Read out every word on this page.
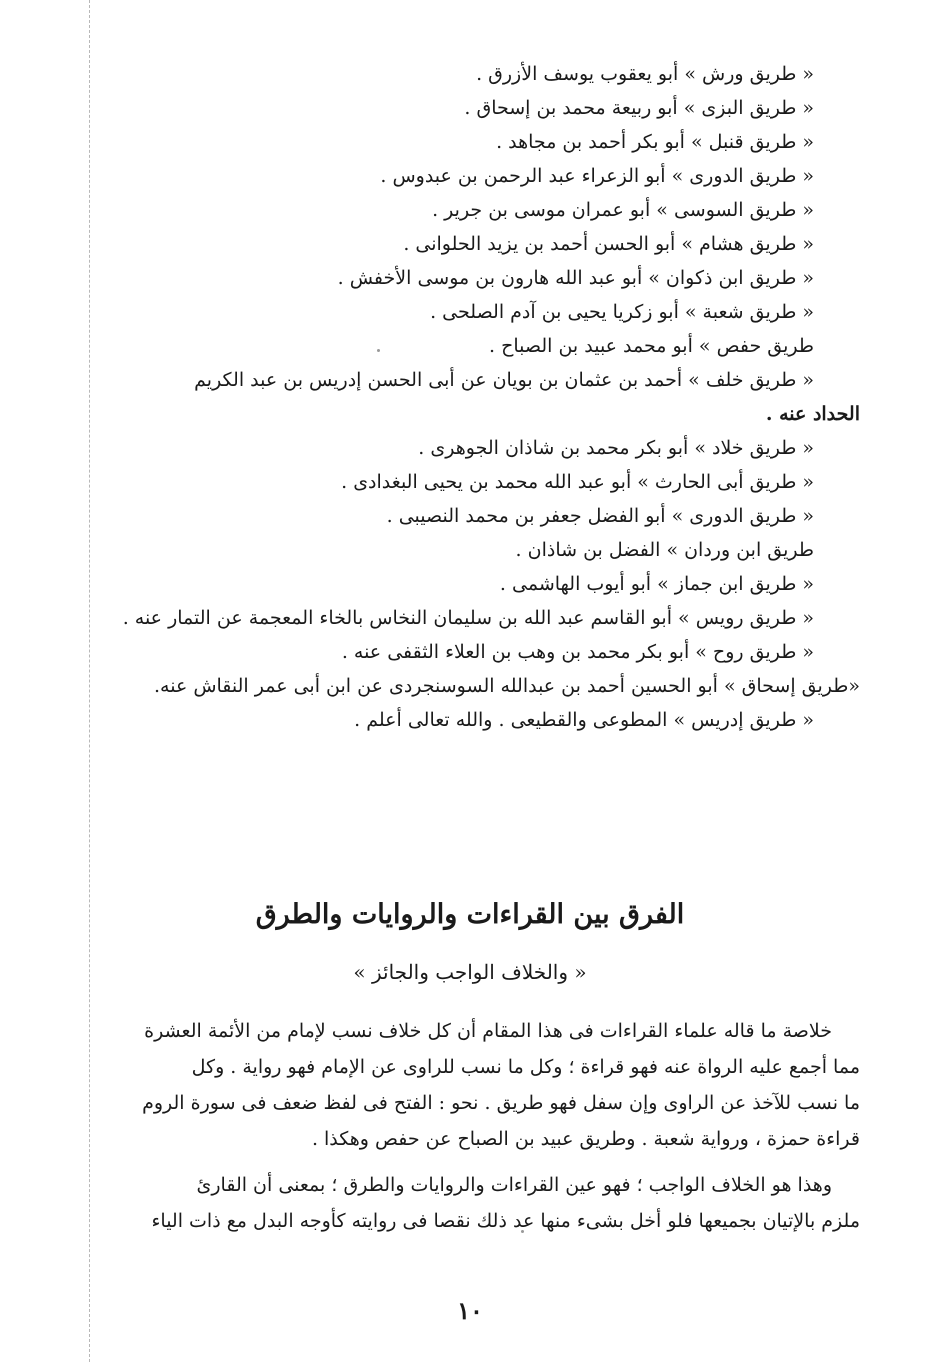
« طريق ورش » أبو يعقوب يوسف الأزرق .
« طريق البزى » أبو ربيعة محمد بن إسحاق .
« طريق قنبل » أبو بكر أحمد بن مجاهد .
« طريق الدورى » أبو الزعراء عبد الرحمن بن عبدوس .
« طريق السوسى » أبو عمران موسى بن جرير .
« طريق هشام » أبو الحسن أحمد بن يزيد الحلوانى .
« طريق ابن ذكوان » أبو عبد الله هارون بن موسى الأخفش .
« طريق شعبة » أبو زكريا يحيى بن آدم الصلحى .
طريق حفص » أبو محمد عبيد بن الصباح .
« طريق خلف » أحمد بن عثمان بن بويان عن أبى الحسن إدريس بن عبد الكريم
الحداد عنه .
« طريق خلاد » أبو بكر محمد بن شاذان الجوهرى .
« طريق أبى الحارث » أبو عبد الله محمد بن يحيى البغدادى .
« طريق الدورى » أبو الفضل جعفر بن محمد النصيبى .
طريق ابن وردان » الفضل بن شاذان .
« طريق ابن جماز » أبو أيوب الهاشمى .
« طريق رويس » أبو القاسم عبد الله بن سليمان النخاس بالخاء المعجمة عن التمار عنه .
« طريق روح » أبو بكر محمد بن وهب بن العلاء الثقفى عنه .
«طريق إسحاق » أبو الحسين أحمد بن عبدالله السوسنجردى عن ابن أبى عمر النقاش عنه.
« طريق إدريس » المطوعى والقطيعى . والله تعالى أعلم .
الفرق بين القراءات والروايات والطرق
« والخلاف الواجب والجائز »
خلاصة ما قاله علماء القراءات فى هذا المقام أن كل خلاف نسب لإمام من الأئمة العشرة
مما أجمع عليه الرواة عنه فهو قراءة ؛ وكل ما نسب للراوى عن الإمام فهو رواية . وكل
ما نسب للآخذ عن الراوى وإن سفل فهو طريق . نحو : الفتح فى لفظ ضعف فى سورة الروم
قراءة حمزة ، ورواية شعبة . وطريق عبيد بن الصباح عن حفص وهكذا .
وهذا هو الخلاف الواجب ؛ فهو عين القراءات والروايات والطرق ؛ بمعنى أن القارئ
ملزم بالإتيان بجميعها فلو أخل بشىء منها عد ذلك نقصا فى روايته كأوجه البدل مع ذات الياء
١٠
